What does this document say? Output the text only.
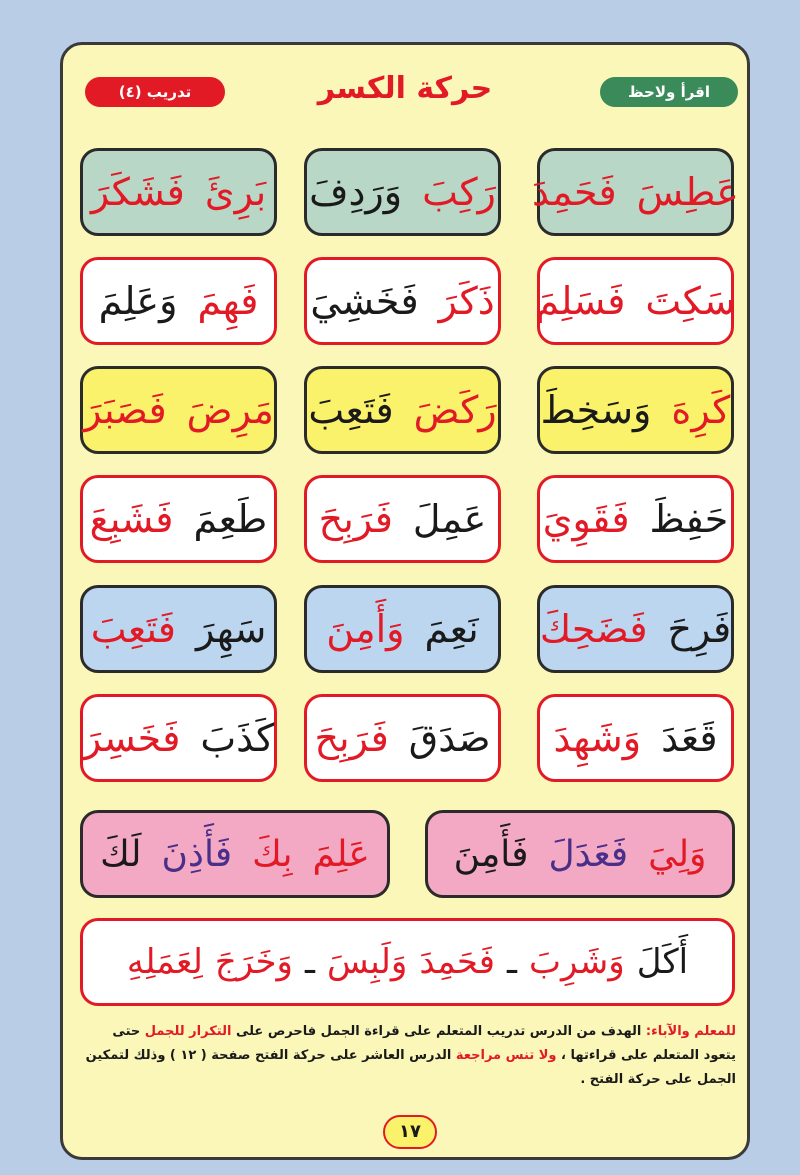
اقرأ ولاحظ
حركة الكسر
تدريب (٤)
عَطِسَ
فَحَمِدَ
رَكِبَ
وَرَدِفَ
بَرِئَ
فَشَكَرَ
سَكِتَ
فَسَلِمَ
ذَكَرَ
فَخَشِيَ
فَهِمَ
وَعَلِمَ
كَرِهَ
وَسَخِطَ
رَكَضَ
فَتَعِبَ
مَرِضَ
فَصَبَرَ
حَفِظَ
فَقَوِيَ
عَمِلَ
فَرَبِحَ
طَعِمَ
فَشَبِعَ
فَرِحَ
فَضَحِكَ
نَعِمَ
وَأَمِنَ
سَهِرَ
فَتَعِبَ
قَعَدَ
وَشَهِدَ
صَدَقَ
فَرَبِحَ
كَذَبَ
فَخَسِرَ
وَلِيَ
فَعَدَلَ
فَأَمِنَ
عَلِمَ
بِكَ
فَأَذِنَ
لَكَ
أَكَلَ
وَشَرِبَ
ـ
فَحَمِدَ
وَلَبِسَ
ـ
وَخَرَجَ
لِعَمَلِهِ
للمعلم والآباء: الهدف من الدرس تدريب المتعلم على قراءة الجمل فاحرص على التكرار للجمل حتى يتعود المتعلم على قراءتها ، ولا تنس مراجعة الدرس العاشر على حركة الفتح صفحة ( ١٢ ) وذلك لتمكين الجمل على حركة الفتح .
١٧
